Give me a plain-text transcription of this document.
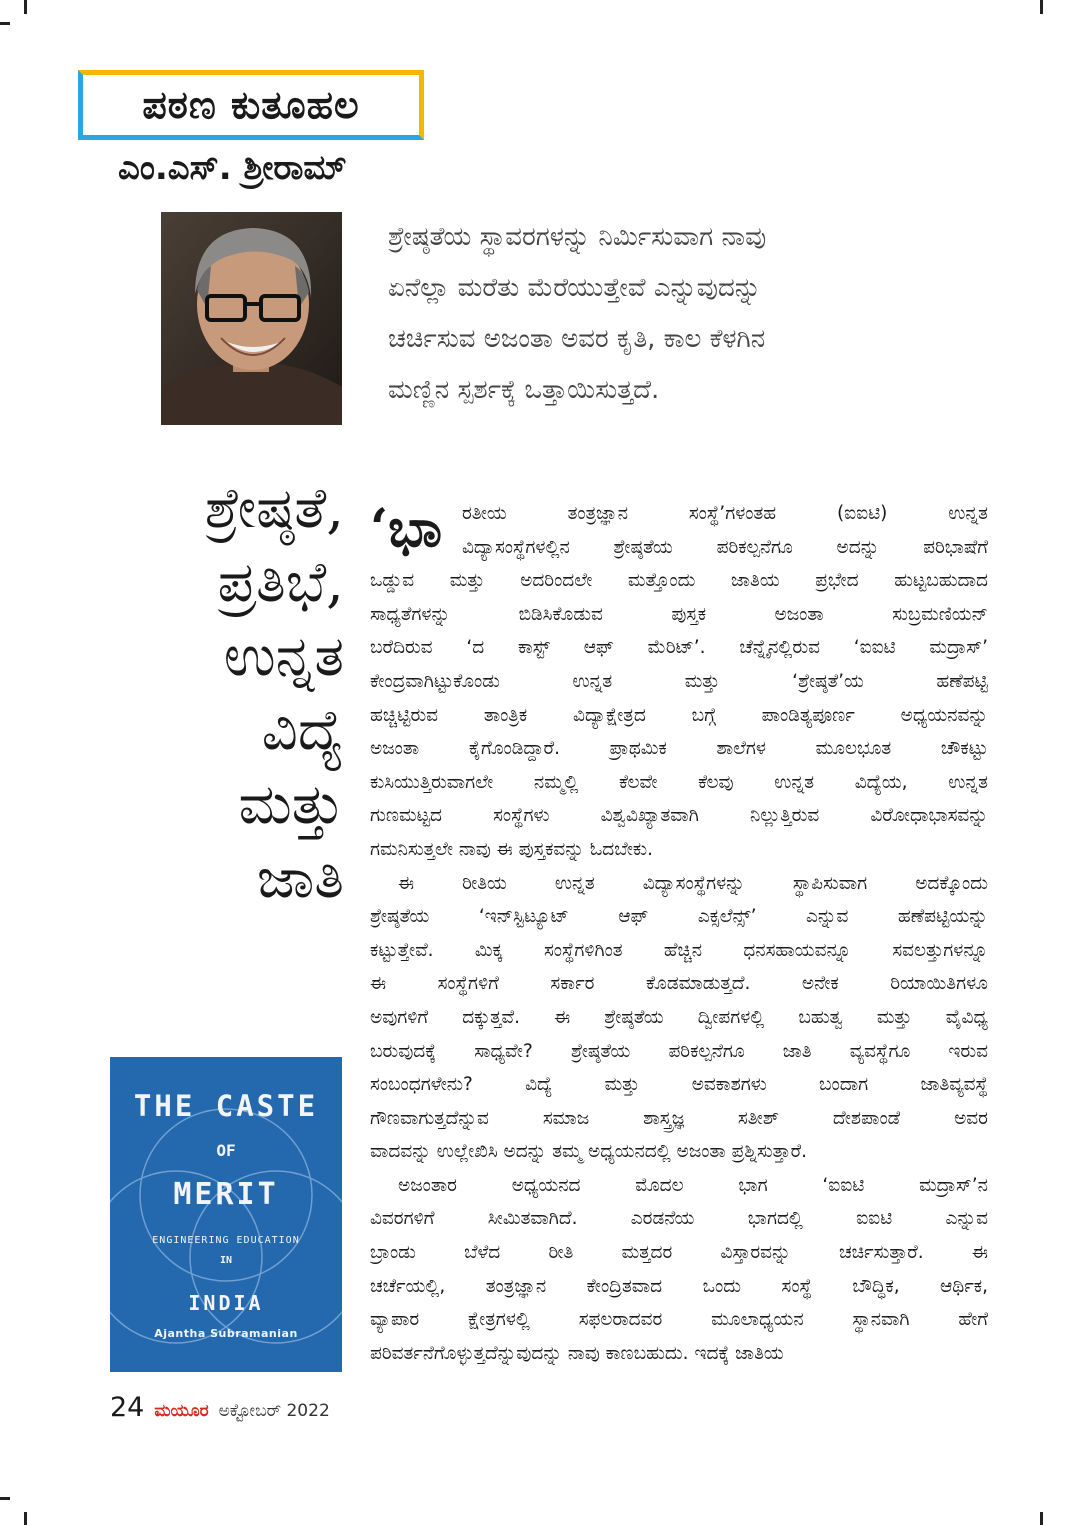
ಪಠಣ ಕುತೂಹಲ
ಎಂ.ಎಸ್. ಶ್ರೀರಾಮ್

ಶ್ರೇಷ್ಠತೆಯ ಸ್ಥಾವರಗಳನ್ನು ನಿರ್ಮಿಸುವಾಗ ನಾವು

ಏನೆಲ್ಲಾ ಮರೆತು ಮೆರೆಯುತ್ತೇವೆ ಎನ್ನುವುದನ್ನು

ಚರ್ಚಿಸುವ ಅಜಂತಾ ಅವರ ಕೃತಿ, ಕಾಲ ಕೆಳಗಿನ

ಮಣ್ಣಿನ ಸ್ಪರ್ಶಕ್ಕೆ ಒತ್ತಾಯಿಸುತ್ತದೆ.

ಶ್ರೇಷ್ಠತೆ,
ಪ್ರತಿಭೆ,
ಉನ್ನತ
ವಿದ್ಯೆ
ಮತ್ತು
ಜಾತಿ
THE CASTE
OF
MERIT
ENGINEERING EDUCATION
IN
INDIA
Ajantha Subramanian
‘ಭಾ ರತೀಯ	ತಂತ್ರಜ್ಞಾನ	ಸಂಸ್ಥೆ’ಗಳಂತಹ	(ಐಐಟಿ)	ಉನ್ನತ
ವಿದ್ಯಾಸಂಸ್ಥೆಗಳಲ್ಲಿನ ಶ್ರೇಷ್ಠತೆಯ ಪರಿಕಲ್ಪನೆಗೂ ಅದನ್ನು ಪರಿಭಾಷೆಗೆ
ಒಡ್ಡುವ ಮತ್ತು ಅದರಿಂದಲೇ ಮತ್ತೊಂದು ಜಾತಿಯ ಪ್ರಭೇದ ಹುಟ್ಟಬಹುದಾದ
ಸಾಧ್ಯತೆಗಳನ್ನು	ಬಿಡಿಸಿಕೊಡುವ	ಪುಸ್ತಕ	ಅಜಂತಾ	ಸುಬ್ರಮಣಿಯನ್
ಬರೆದಿರುವ ‘ದ ಕಾಸ್ಟ್ ಆಫ್ ಮೆರಿಟ್’. ಚೆನ್ನೈನಲ್ಲಿರುವ ‘ಐಐಟಿ ಮದ್ರಾಸ್’
ಕೇಂದ್ರವಾಗಿಟ್ಟುಕೊಂಡು	ಉನ್ನತ	ಮತ್ತು	‘ಶ್ರೇಷ್ಠತೆ’ಯ	ಹಣೆಪಟ್ಟಿ
ಹಚ್ಚಿಟ್ಟಿರುವ ತಾಂತ್ರಿಕ ವಿದ್ಯಾಕ್ಷೇತ್ರದ ಬಗ್ಗೆ ಪಾಂಡಿತ್ಯಪೂರ್ಣ ಅಧ್ಯಯನವನ್ನು
ಅಜಂತಾ	ಕೈಗೊಂಡಿದ್ದಾರೆ.	ಪ್ರಾಥಮಿಕ	ಶಾಲೆಗಳ	ಮೂಲಭೂತ	ಚೌಕಟ್ಟು
ಕುಸಿಯುತ್ತಿರುವಾಗಲೇ ನಮ್ಮಲ್ಲಿ ಕೆಲವೇ ಕೆಲವು ಉನ್ನತ ವಿದ್ಯೆಯ, ಉನ್ನತ
ಗುಣಮಟ್ಟದ	ಸಂಸ್ಥೆಗಳು	ವಿಶ್ವವಿಖ್ಯಾತವಾಗಿ	ನಿಲ್ಲುತ್ತಿರುವ	ವಿರೋಧಾಭಾಸವನ್ನು
ಗಮನಿಸುತ್ತಲೇ ನಾವು ಈ ಪುಸ್ತಕವನ್ನು ಓದಬೇಕು.
ಈ	ರೀತಿಯ	ಉನ್ನತ	ವಿದ್ಯಾಸಂಸ್ಥೆಗಳನ್ನು	ಸ್ಥಾಪಿಸುವಾಗ	ಅದಕ್ಕೊಂದು
ಶ್ರೇಷ್ಠತೆಯ	‘ಇನ್‌ಸ್ಟಿಟ್ಯೂಟ್	ಆಫ್	ಎಕ್ಸಲೆನ್ಸ್’	ಎನ್ನುವ	ಹಣೆಪಟ್ಟಿಯನ್ನು
ಕಟ್ಟುತ್ತೇವೆ. ಮಿಕ್ಕ ಸಂಸ್ಥೆಗಳಿಗಿಂತ ಹೆಚ್ಚಿನ ಧನಸಹಾಯವನ್ನೂ ಸವಲತ್ತುಗಳನ್ನೂ
ಈ	ಸಂಸ್ಥೆಗಳಿಗೆ	ಸರ್ಕಾರ	ಕೊಡಮಾಡುತ್ತದೆ.	ಅನೇಕ	ರಿಯಾಯಿತಿಗಳೂ
ಅವುಗಳಿಗೆ ದಕ್ಕುತ್ತವೆ. ಈ ಶ್ರೇಷ್ಠತೆಯ ದ್ವೀಪಗಳಲ್ಲಿ ಬಹುತ್ವ ಮತ್ತು ವೈವಿಧ್ಯ
ಬರುವುದಕ್ಕೆ ಸಾಧ್ಯವೇ? ಶ್ರೇಷ್ಠತೆಯ ಪರಿಕಲ್ಪನೆಗೂ ಜಾತಿ ವ್ಯವಸ್ಥೆಗೂ ಇರುವ
ಸಂಬಂಧಗಳೇನು?	ವಿದ್ಯೆ	ಮತ್ತು	ಅವಕಾಶಗಳು	ಬಂದಾಗ	ಜಾತಿವ್ಯವಸ್ಥೆ
ಗೌಣವಾಗುತ್ತದೆನ್ನುವ	ಸಮಾಜ	ಶಾಸ್ತ್ರಜ್ಞ	ಸತೀಶ್	ದೇಶಪಾಂಡೆ	ಅವರ
ವಾದವನ್ನು ಉಲ್ಲೇಖಿಸಿ ಅದನ್ನು ತಮ್ಮ ಅಧ್ಯಯನದಲ್ಲಿ ಅಜಂತಾ ಪ್ರಶ್ನಿಸುತ್ತಾರೆ.
ಅಜಂತಾರ	ಅಧ್ಯಯನದ	ಮೊದಲ	ಭಾಗ	‘ಐಐಟಿ	ಮದ್ರಾಸ್’ನ
ವಿವರಗಳಿಗೆ	ಸೀಮಿತವಾಗಿದೆ.	ಎರಡನೆಯ	ಭಾಗದಲ್ಲಿ	ಐಐಟಿ	ಎನ್ನುವ
ಬ್ರಾಂಡು	ಬೆಳೆದ	ರೀತಿ	ಮತ್ತದರ	ವಿಸ್ತಾರವನ್ನು	ಚರ್ಚಿಸುತ್ತಾರೆ.	ಈ
ಚರ್ಚೆಯಲ್ಲಿ, ತಂತ್ರಜ್ಞಾನ ಕೇಂದ್ರಿತವಾದ ಒಂದು ಸಂಸ್ಥೆ ಬೌದ್ಧಿಕ, ಆರ್ಥಿಕ,
ವ್ಯಾಪಾರ	ಕ್ಷೇತ್ರಗಳಲ್ಲಿ	ಸಫಲರಾದವರ	ಮೂಲಾಧ್ಯಯನ	ಸ್ಥಾನವಾಗಿ	ಹೇಗೆ
ಪರಿವರ್ತನೆಗೊಳ್ಳುತ್ತದೆನ್ನುವುದನ್ನು ನಾವು ಕಾಣಬಹುದು. ಇದಕ್ಕೆ ಜಾತಿಯ
24 ಮಯೂರ ಅಕ್ಟೋಬರ್ 2022
